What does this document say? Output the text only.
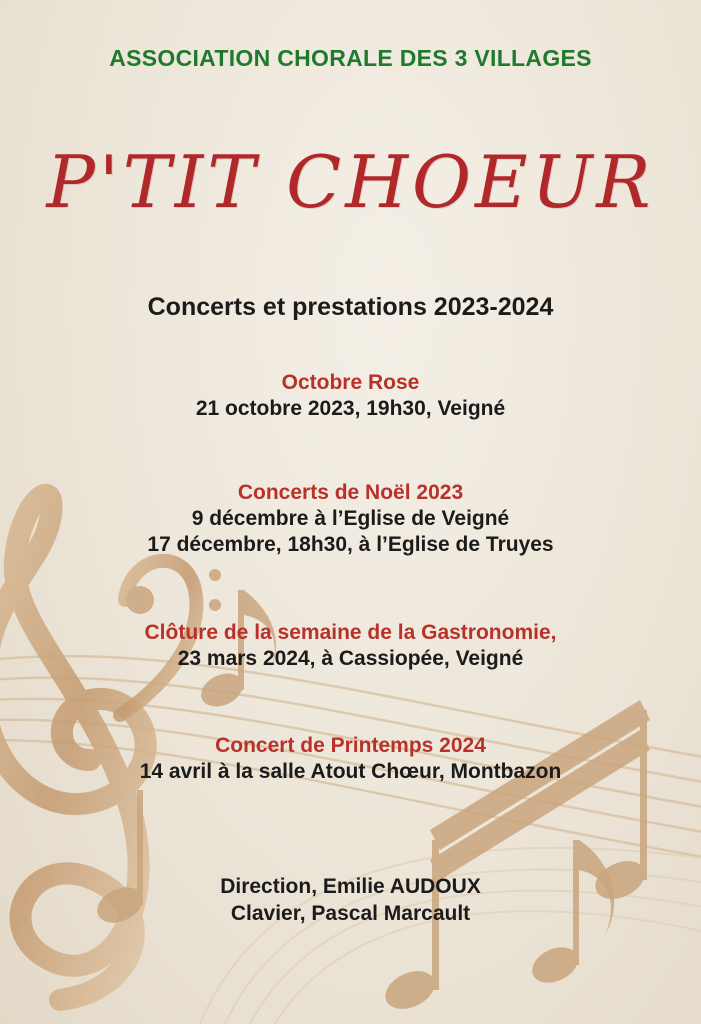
ASSOCIATION CHORALE DES 3 VILLAGES
P'TIT CHOEUR
Concerts et prestations 2023-2024
Octobre Rose
21 octobre 2023, 19h30, Veigné
Concerts de Noël 2023
9 décembre à l’Eglise de Veigné
17 décembre, 18h30, à l’Eglise de Truyes
Clôture de la semaine de la Gastronomie,
23 mars 2024, à Cassiopée, Veigné
Concert de Printemps 2024
14 avril à la salle Atout Chœur, Montbazon
Direction, Emilie AUDOUX
Clavier, Pascal Marcault
